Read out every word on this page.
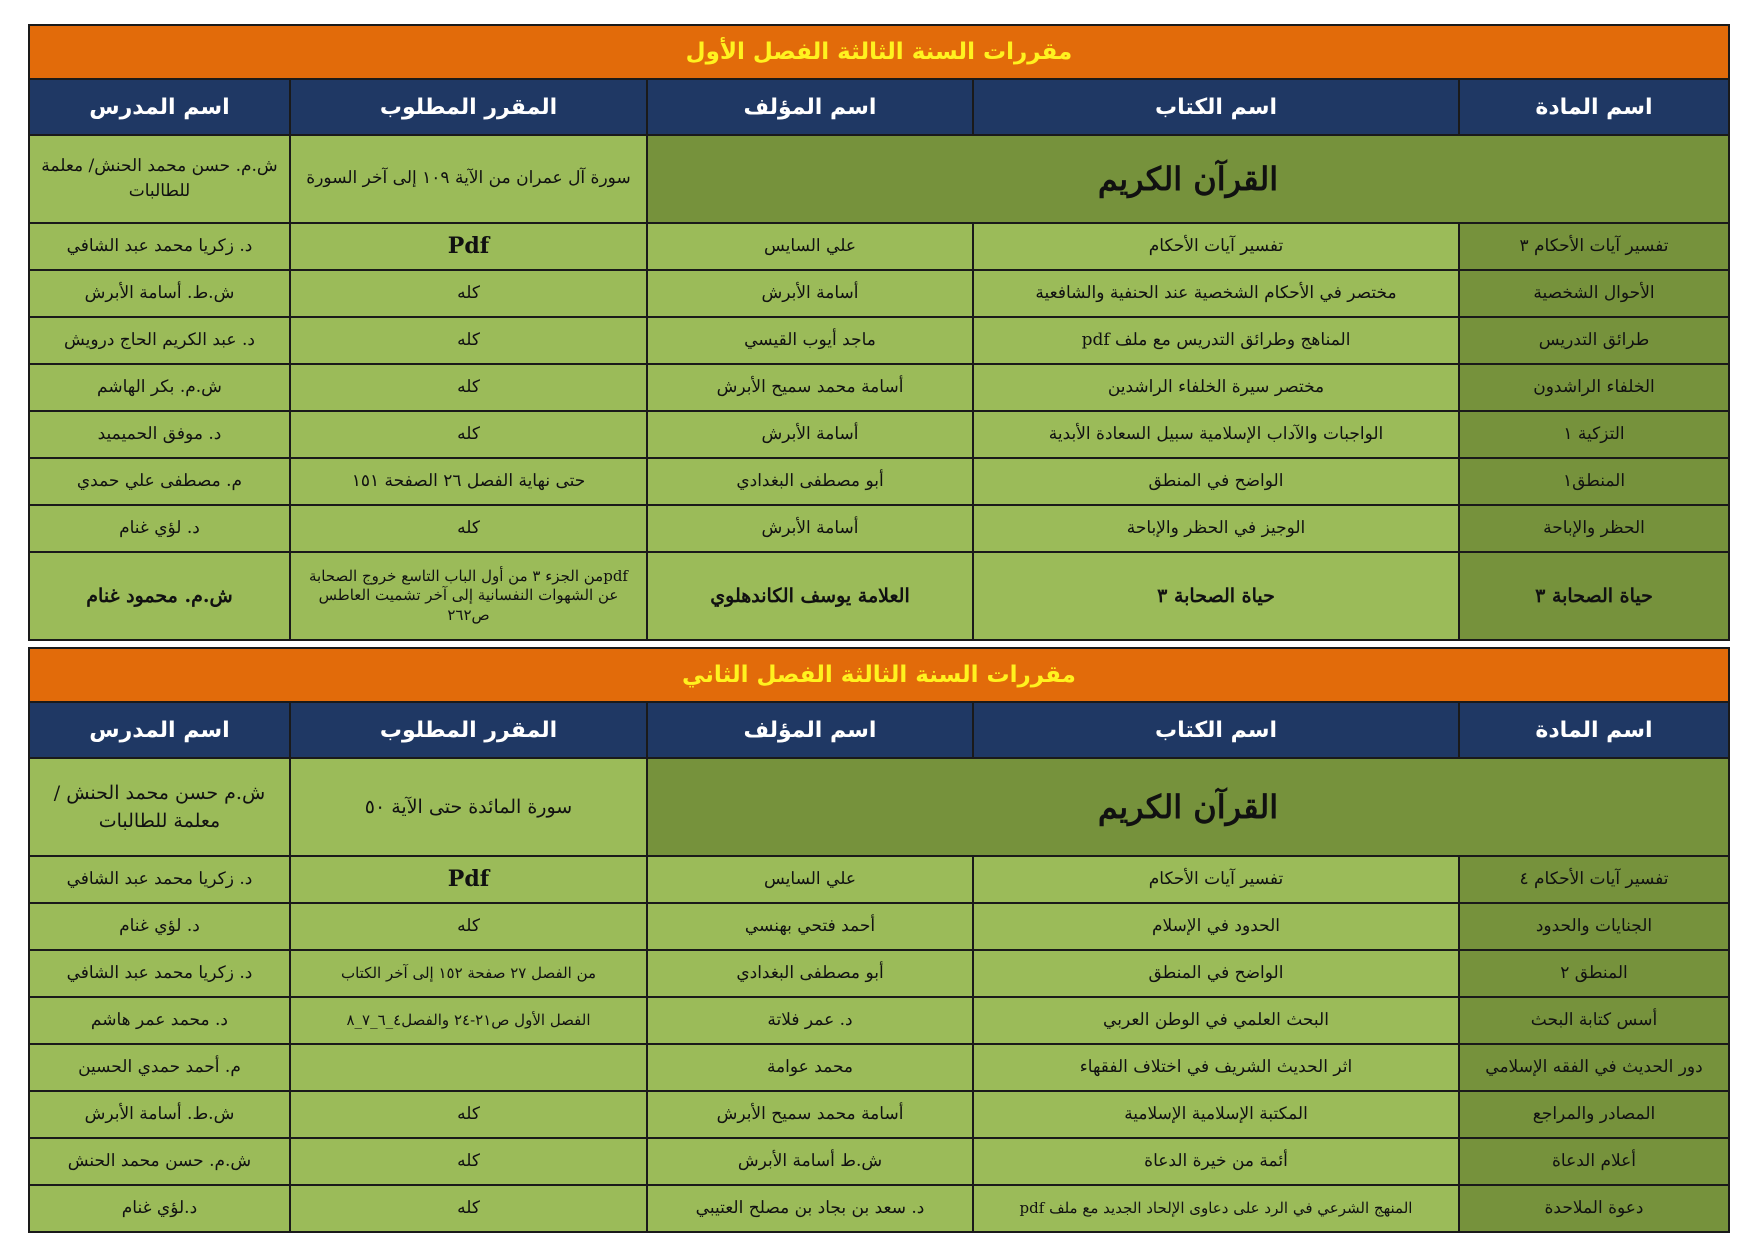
مقررات السنة الثالثة الفصل الأول				
اسم المادة	اسم الكتاب	اسم المؤلف	المقرر المطلوب	اسم المدرس
القرآن الكريم			سورة آل عمران من الآية ١٠٩ إلى آخر السورة	ش.م. حسن محمد الحنش/ معلمة للطالبات
تفسير آيات الأحكام ٣	تفسير آيات الأحكام	علي السايس	Pdf	د. زكريا محمد عبد الشافي
الأحوال الشخصية	مختصر في الأحكام الشخصية عند الحنفية والشافعية	أسامة الأبرش	كله	ش.ط. أسامة الأبرش
طرائق التدريس	المناهج وطرائق التدريس مع ملف pdf	ماجد أيوب القيسي	كله	د. عبد الكريم الحاج درويش
الخلفاء الراشدون	مختصر سيرة الخلفاء الراشدين	أسامة محمد سميح الأبرش	كله	ش.م. بكر الهاشم
التزكية ١	الواجبات والآداب الإسلامية سبيل السعادة الأبدية	أسامة الأبرش	كله	د. موفق الحميميد
المنطق١	الواضح في المنطق	أبو مصطفى البغدادي	حتى نهاية الفصل ٢٦ الصفحة ١٥١	م. مصطفى علي حمدي
الحظر والإباحة	الوجيز في الحظر والإباحة	أسامة الأبرش	كله	د. لؤي غنام
حياة الصحابة ٣	حياة الصحابة ٣	العلامة يوسف الكاندهلوي	pdfمن الجزء ٣ من أول الباب التاسع خروج الصحابة عن الشهوات النفسانية إلى آخر تشميت العاطس ص٢٦٢	ش.م. محمود غنام
مقررات السنة الثالثة الفصل الثاني				
اسم المادة	اسم الكتاب	اسم المؤلف	المقرر المطلوب	اسم المدرس
القرآن الكريم			سورة المائدة حتى الآية ٥٠	ش.م حسن محمد الحنش / معلمة للطالبات
تفسير آيات الأحكام ٤	تفسير آيات الأحكام	علي السايس	Pdf	د. زكريا محمد عبد الشافي
الجنايات والحدود	الحدود في الإسلام	أحمد فتحي بهنسي	كله	د. لؤي غنام
المنطق ٢	الواضح في المنطق	أبو مصطفى البغدادي	من الفصل ٢٧ صفحة ١٥٢ إلى آخر الكتاب	د. زكريا محمد عبد الشافي
أسس كتابة البحث	البحث العلمي في الوطن العربي	د. عمر فلاتة	الفصل الأول ص٢١-٢٤ والفصل٤_٦_٧_٨	د. محمد عمر هاشم
دور الحديث في الفقه الإسلامي	اثر الحديث الشريف في اختلاف الفقهاء	محمد عوامة		م. أحمد حمدي الحسين
المصادر والمراجع	المكتبة الإسلامية الإسلامية	أسامة محمد سميح الأبرش	كله	ش.ط. أسامة الأبرش
أعلام الدعاة	أئمة من خيرة الدعاة	ش.ط أسامة الأبرش	كله	ش.م. حسن محمد الحنش
دعوة الملاحدة	المنهج الشرعي في الرد على دعاوى الإلحاد الجديد مع ملف pdf	د. سعد بن بجاد بن مصلح العتيبي	كله	د.لؤي غنام
